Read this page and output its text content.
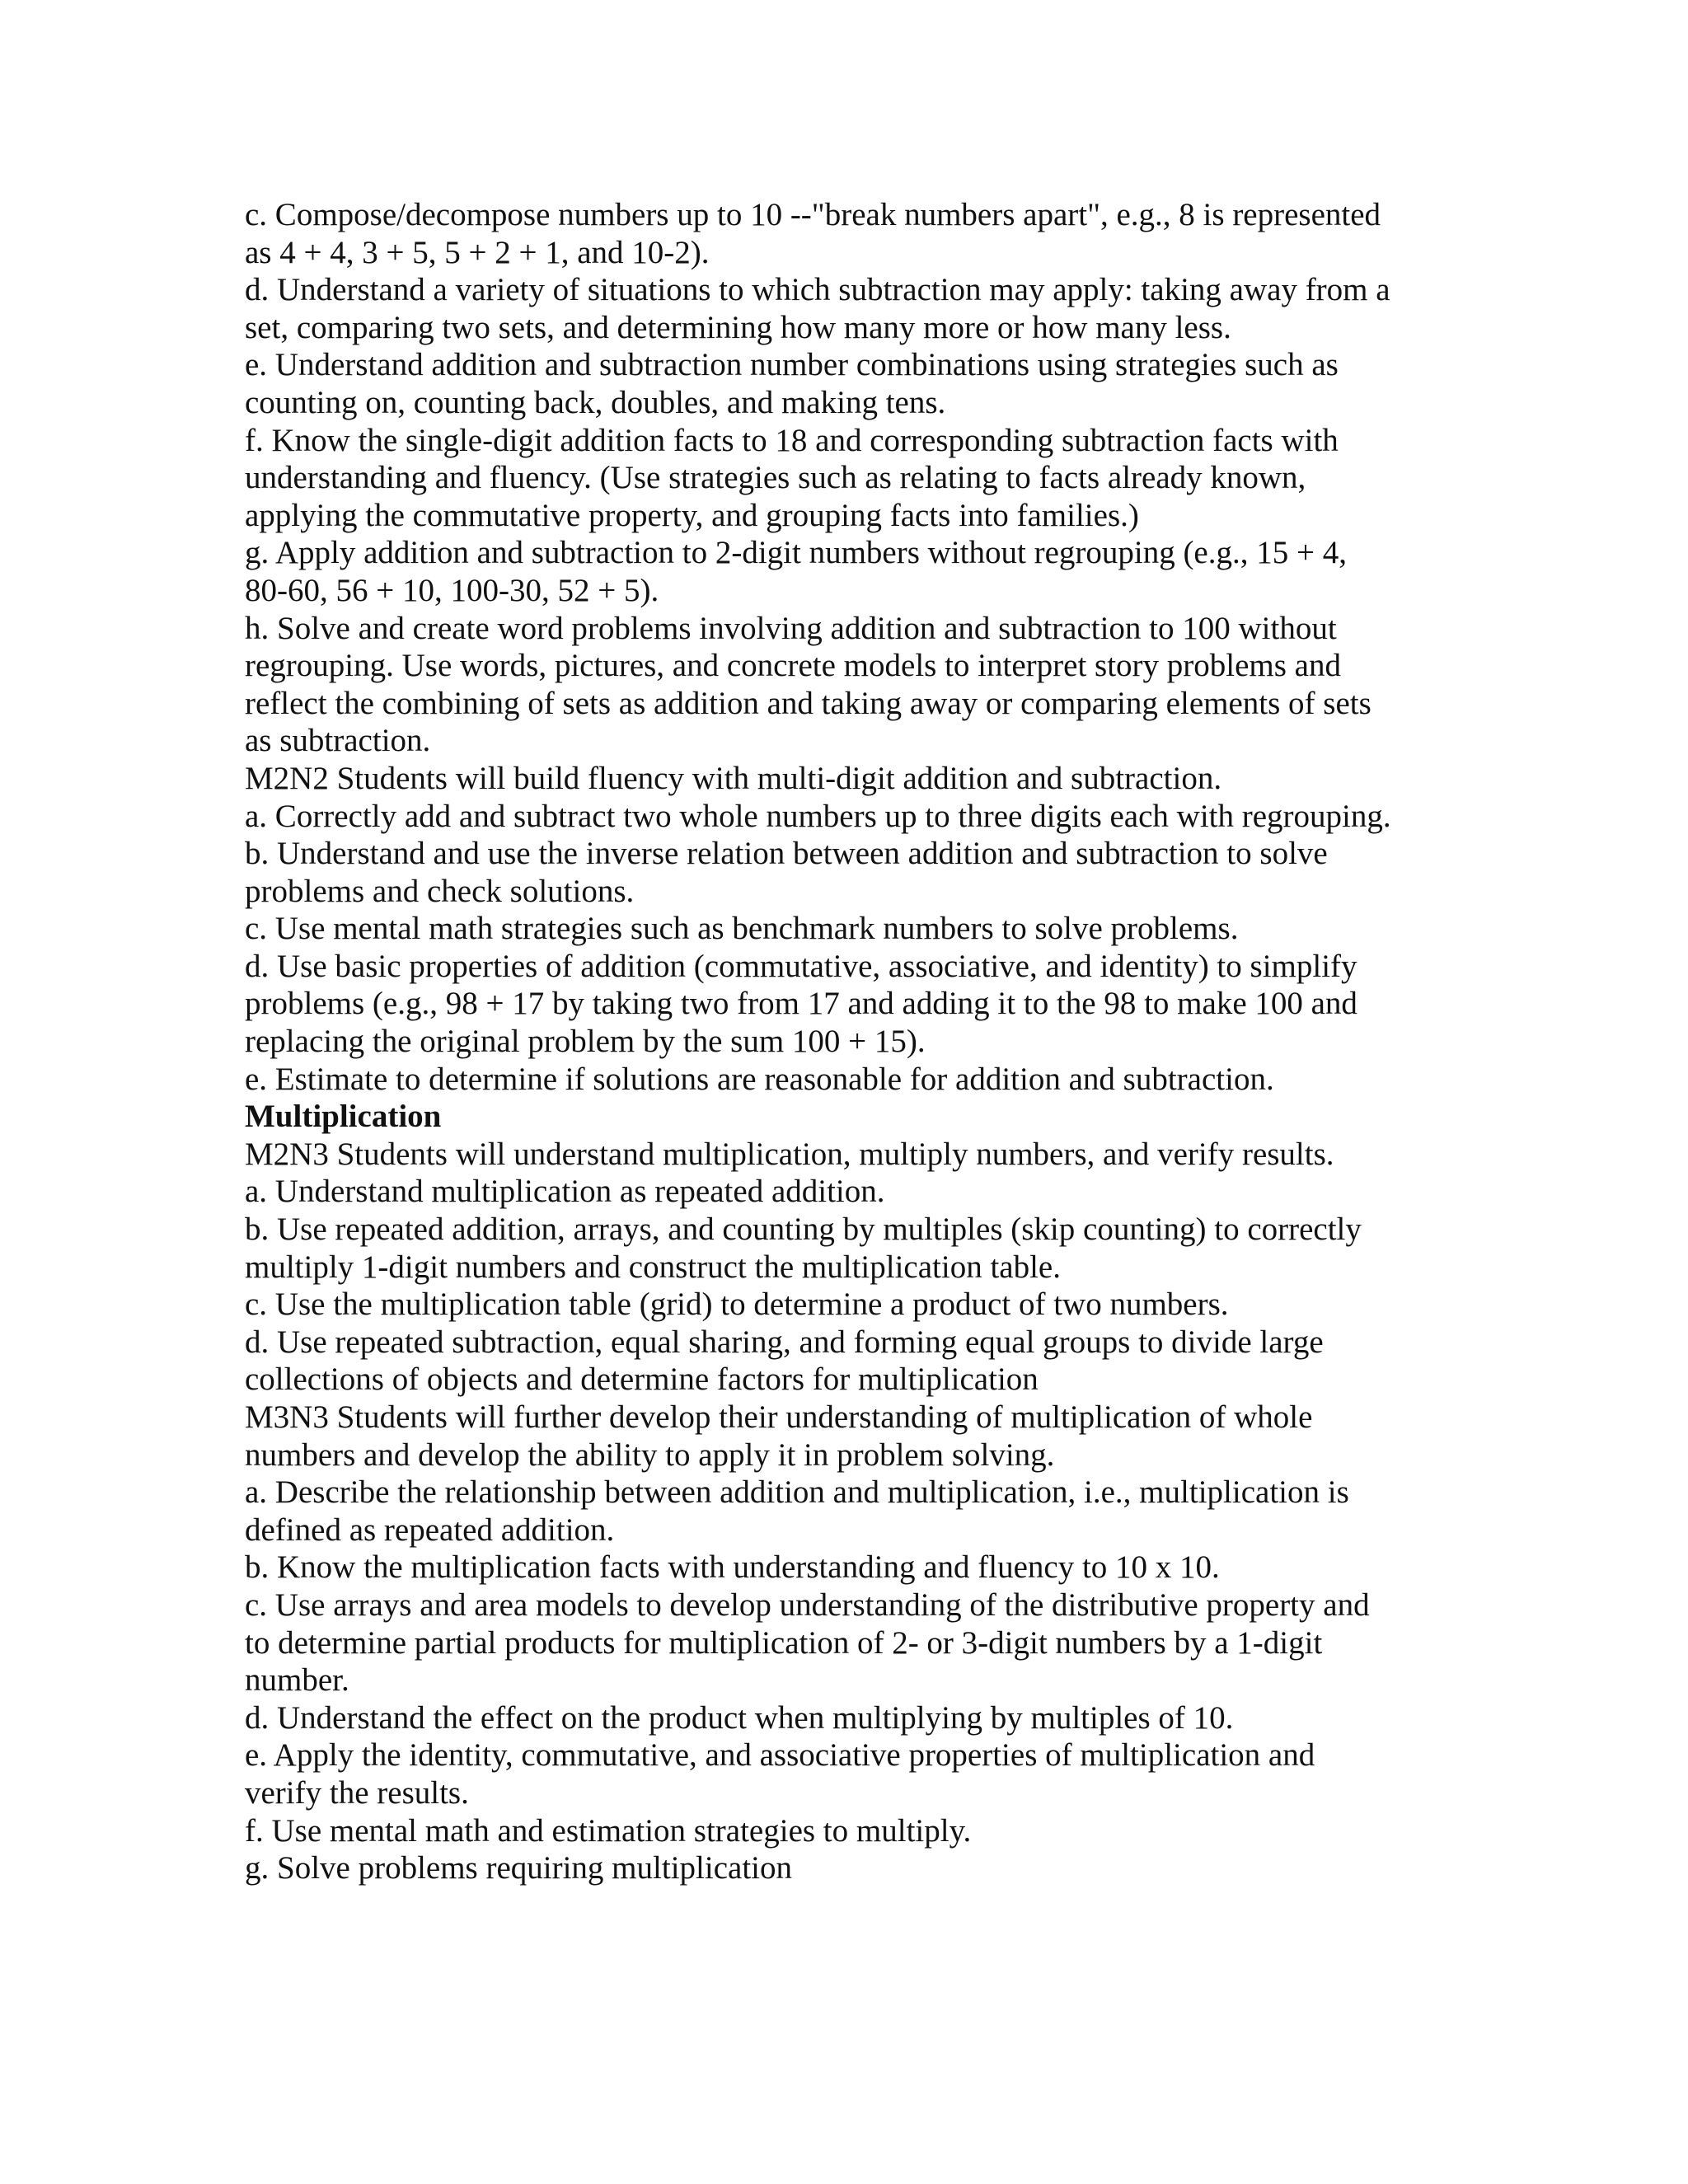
c. Compose/decompose numbers up to 10 --"break numbers apart", e.g., 8 is represented
as 4 + 4, 3 + 5, 5 + 2 + 1, and 10-2).
d. Understand a variety of situations to which subtraction may apply: taking away from a
set, comparing two sets, and determining how many more or how many less.
e. Understand addition and subtraction number combinations using strategies such as
counting on, counting back, doubles, and making tens.
f. Know the single-digit addition facts to 18 and corresponding subtraction facts with
understanding and fluency. (Use strategies such as relating to facts already known,
applying the commutative property, and grouping facts into families.)
g. Apply addition and subtraction to 2-digit numbers without regrouping (e.g., 15 + 4,
80-60, 56 + 10, 100-30, 52 + 5).
h. Solve and create word problems involving addition and subtraction to 100 without
regrouping. Use words, pictures, and concrete models to interpret story problems and
reflect the combining of sets as addition and taking away or comparing elements of sets
as subtraction.
M2N2 Students will build fluency with multi-digit addition and subtraction.
a. Correctly add and subtract two whole numbers up to three digits each with regrouping.
b. Understand and use the inverse relation between addition and subtraction to solve
problems and check solutions.
c. Use mental math strategies such as benchmark numbers to solve problems.
d. Use basic properties of addition (commutative, associative, and identity) to simplify
problems (e.g., 98 + 17 by taking two from 17 and adding it to the 98 to make 100 and
replacing the original problem by the sum 100 + 15).
e. Estimate to determine if solutions are reasonable for addition and subtraction.
Multiplication
M2N3 Students will understand multiplication, multiply numbers, and verify results.
a. Understand multiplication as repeated addition.
b. Use repeated addition, arrays, and counting by multiples (skip counting) to correctly
multiply 1-digit numbers and construct the multiplication table.
c. Use the multiplication table (grid) to determine a product of two numbers.
d. Use repeated subtraction, equal sharing, and forming equal groups to divide large
collections of objects and determine factors for multiplication
M3N3 Students will further develop their understanding of multiplication of whole
numbers and develop the ability to apply it in problem solving.
a. Describe the relationship between addition and multiplication, i.e., multiplication is
defined as repeated addition.
b. Know the multiplication facts with understanding and fluency to 10 x 10.
c. Use arrays and area models to develop understanding of the distributive property and
to determine partial products for multiplication of 2- or 3-digit numbers by a 1-digit
number.
d. Understand the effect on the product when multiplying by multiples of 10.
e. Apply the identity, commutative, and associative properties of multiplication and
verify the results.
f. Use mental math and estimation strategies to multiply.
g. Solve problems requiring multiplication
